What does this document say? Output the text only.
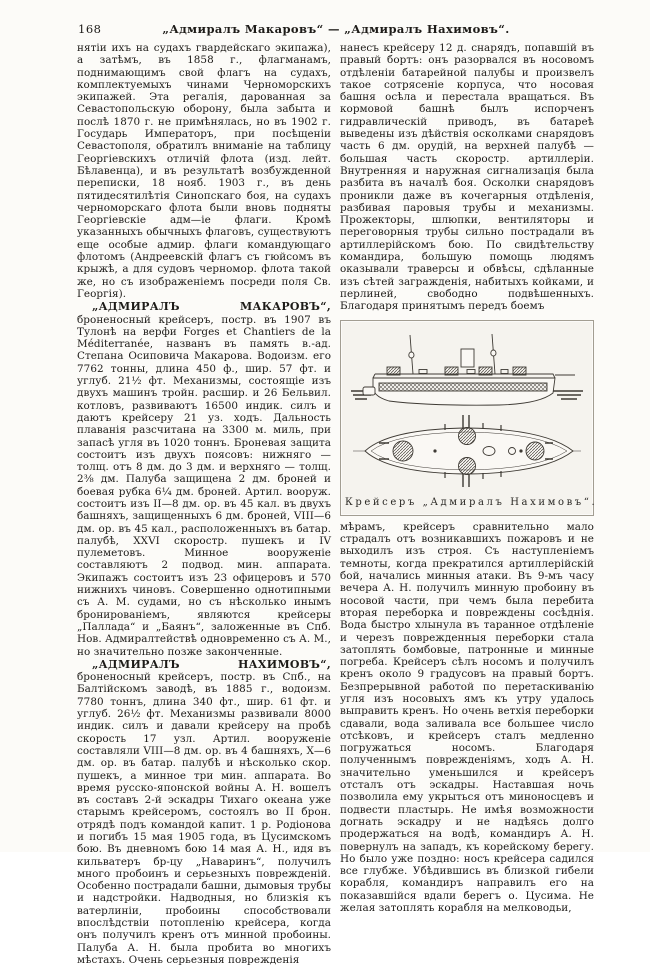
168	„Адмиралъ Макаровъ“ — „Адмиралъ Нахимовъ“.

нятіи ихъ на судахъ гвардейскаго экипажа), а затѣмъ, въ 1858 г., флагманамъ, поднимающимъ свой флагъ на судахъ, комплектуемыхъ чинами Черноморскихъ экипажей. Эта регалія, дарованная за Севастопольскую оборону, была забыта и послѣ 1870 г. не примѣнялась, но въ 1902 г. Государь Императоръ, при посѣщеніи Севастополя, обратилъ вниманіе на таблицу Георгіевскихъ отличій флота (изд. лейт. Бѣлавенца), и въ результатѣ возбужденной переписки, 18 нояб. 1903 г., въ день пятидесятилѣтія Синопскаго боя, на судахъ черноморскаго флота были вновь подняты Георгіевскіе адм—іе флаги. Кромѣ указанныхъ обычныхъ флаговъ, существуютъ еще особые адмир. флаги командующаго флотомъ (Андреевскій флагъ съ гюйсомъ въ крыжѣ, а для судовъ черномор. флота такой же, но съ изображеніемъ посреди поля Св. Георгія).

„АДМИРАЛЪ МАКАРОВЪ“, броненосный крейсеръ, постр. въ 1907 въ Тулонѣ на верфи Forges et Chantiers de la Méditerranée, названъ въ память в.-ад. Степана Осиповича Макарова. Водоизм. его 7762 тонны, длина 450 ф., шир. 57 фт. и углуб. 21½ фт. Механизмы, состоящіе изъ двухъ машинъ тройн. расшир. и 26 Бельвил. котловъ, развиваютъ 16500 индик. силъ и даютъ крейсеру 21 уз. ходъ. Дальность плаванія разсчитана на 3300 м. миль, при запасѣ угля въ 1020 тоннъ. Броневая защита состоитъ изъ двухъ поясовъ: нижняго — толщ. отъ 8 дм. до 3 дм. и верхняго — толщ. 2⅜ дм. Палуба защищена 2 дм. броней и боевая рубка 6¼ дм. броней. Артил. вооруж. состоитъ изъ II—8 дм. ор. въ 45 кал. въ двухъ башняхъ, защищенныхъ 6 дм. броней, VIII—6 дм. ор. въ 45 кал., расположенныхъ въ батар. палубѣ, XXVI скоростр. пушекъ и IV пулеметовъ. Минное вооруженіе составляютъ 2 подвод. мин. аппарата. Экипажъ состоитъ изъ 23 офицеровъ и 570 нижнихъ чиновъ. Совершенно однотипными съ А. М. судами, но съ нѣсколько инымъ бронированіемъ, являются крейсеры „Паллада“ и „Баянъ“, заложенные въ Спб. Нов. Адмиралтействѣ одновременно съ А. М., но значительно позже законченные.

„АДМИРАЛЪ НАХИМОВЪ“, броненосный крейсеръ, постр. въ Спб., на Балтійскомъ заводѣ, въ 1885 г., водоизм. 7780 тоннъ, длина 340 фт., шир. 61 фт. и углуб. 26½ фт. Механизмы развивали 8000 индик. силъ и давали крейсеру на пробѣ скорость 17 узл. Артил. вооруженіе составляли VIII—8 дм. ор. въ 4 башняхъ, X—6 дм. ор. въ батар. палубѣ и нѣсколько скор. пушекъ, а минное три мин. аппарата. Во время русско-японской войны А. Н. вошелъ въ составъ 2-й эскадры Тихаго океана уже старымъ крейсеромъ, состоялъ во II брон. отрядѣ подъ командой капит. 1 р. Родіонова и погибъ 15 мая 1905 года, въ Цусимскомъ бою. Въ дневномъ бою 14 мая А. Н., идя въ кильватеръ бр-цу „Наваринъ“, получилъ много пробоинъ и серьезныхъ поврежденій. Особенно пострадали башни, дымовыя трубы и надстройки. Надводныя, но близкія къ ватерлиніи, пробоины способствовали впослѣдствіи потопленію крейсера, когда онъ получилъ кренъ отъ минной пробоины. Палуба А. Н. была пробита во многихъ мѣстахъ. Очень серьезныя поврежденія

нанесъ крейсеру 12 д. снарядъ, попавшій въ правый бортъ: онъ разорвался въ носовомъ отдѣленіи батарейной палубы и произвелъ такое сотрясеніе корпуса, что носовая башня осѣла и перестала вращаться. Въ кормовой башнѣ былъ испорченъ гидравлическій приводъ, въ батареѣ выведены изъ дѣйствія осколками снарядовъ часть 6 дм. орудій, на верхней палубѣ — большая часть скоростр. артиллеріи. Внутренняя и наружная сигнализація была разбита въ началѣ боя. Осколки снарядовъ проникли даже въ кочегарныя отдѣленія, разбивая паровыя трубы и механизмы. Прожекторы, шлюпки, вентиляторы и переговорныя трубы сильно пострадали въ артиллерійскомъ бою. По свидѣтельству командира, большую помощь людямъ оказывали траверсы и обвѣсы, сдѣланные изъ сѣтей загражденія, набитыхъ койками, и перлиней, свободно подвѣшенныхъ. Благодаря принятымъ передъ боемъ

Крейсеръ „Адмиралъ Нахимовъ“.

мѣрамъ, крейсеръ сравнительно мало страдалъ отъ возникавшихъ пожаровъ и не выходилъ изъ строя. Съ наступленіемъ темноты, когда прекратился артиллерійскій бой, начались минныя атаки. Въ 9-мъ часу вечера А. Н. получилъ минную пробоину въ носовой части, при чемъ была перебита вторая переборка и повреждены сосѣднія. Вода быстро хлынула въ таранное отдѣленіе и черезъ поврежденныя переборки стала затоплять бомбовые, патронные и минные погреба. Крейсеръ сѣлъ носомъ и получилъ кренъ около 9 градусовъ на правый бортъ. Безпрерывной работой по перетаскиванію угля изъ носовыхъ ямъ къ утру удалось выправить кренъ. Но очень ветхія переборки сдавали, вода заливала все большее число отсѣковъ, и крейсеръ сталъ медленно погружаться носомъ. Благодаря полученнымъ поврежденіямъ, ходъ А. Н. значительно уменьшился и крейсеръ отсталъ отъ эскадры. Наставшая ночь позволила ему укрыться отъ миноносцевъ и подвести пластырь. Не имѣя возможности догнать эскадру и не надѣясь долго продержаться на водѣ, командиръ А. Н. повернулъ на западъ, къ корейскому берегу. Но было уже поздно: носъ крейсера садился все глубже. Убѣдившись въ близкой гибели корабля, командиръ направилъ его на показавшійся вдали берегъ о. Цусима. Не желая затоплять корабля на мелководьи,
